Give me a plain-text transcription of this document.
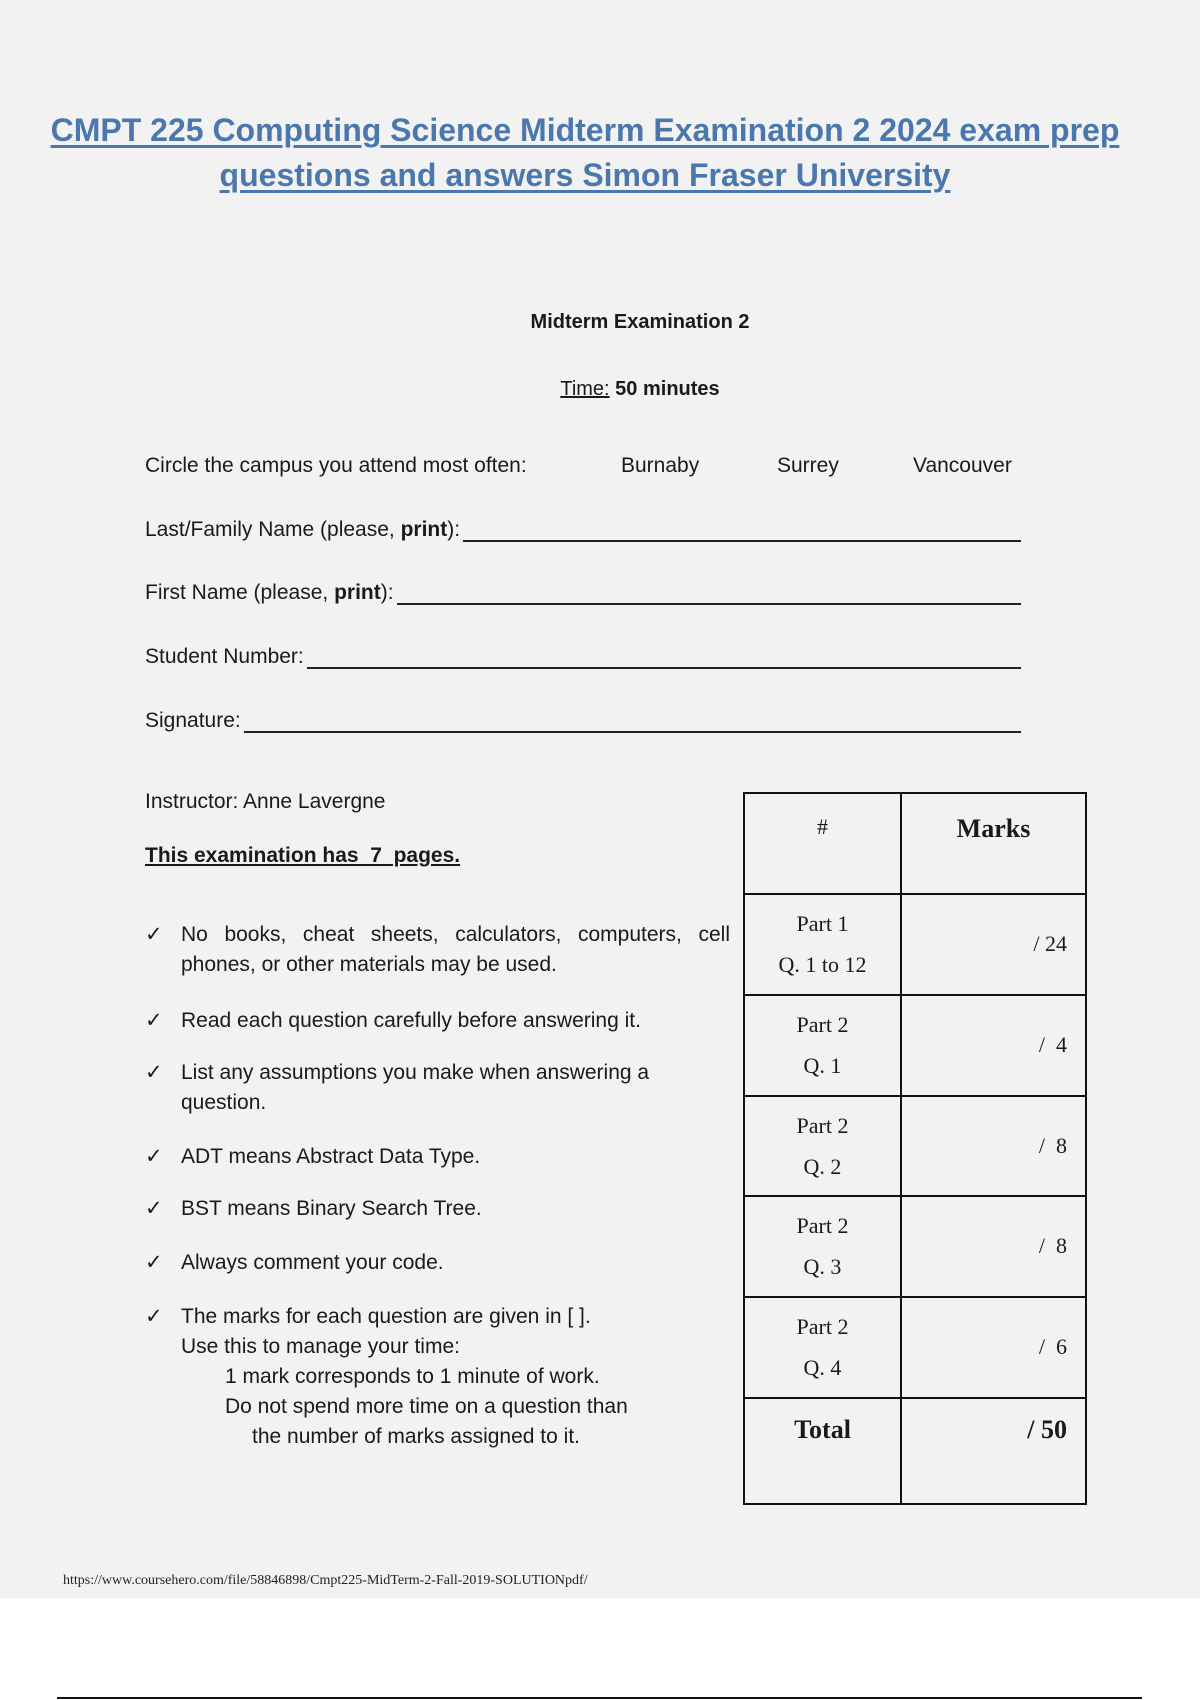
CMPT 225 Computing Science Midterm Examination 2 2024 exam prep questions and answers Simon Fraser University
Midterm Examination 2
Time: 50 minutes
Circle the campus you attend most often:	Burnaby	Surrey	Vancouver
Last/Family Name (please, print):
First Name (please, print):
Student Number:
Signature:
Instructor: Anne Lavergne
This examination has  7  pages.
✓ No books, cheat sheets, calculators, computers, cell phones, or other materials may be used.
✓ Read each question carefully before answering it.
✓ List any assumptions you make when answering a question.
✓ ADT means Abstract Data Type.
✓ BST means Binary Search Tree.
✓ Always comment your code.
✓ The marks for each question are given in [ ].
Use this to manage your time:
1 mark corresponds to 1 minute of work.
Do not spend more time on a question than
the number of marks assigned to it.
#	Marks

Part 1
Q. 1 to 12	/ 24
Part 2
Q. 1	/  4
Part 2
Q. 2	/  8
Part 2
Q. 3	/  8
Part 2
Q. 4	/  6
Total	/ 50
https://www.coursehero.com/file/58846898/Cmpt225-MidTerm-2-Fall-2019-SOLUTIONpdf/
